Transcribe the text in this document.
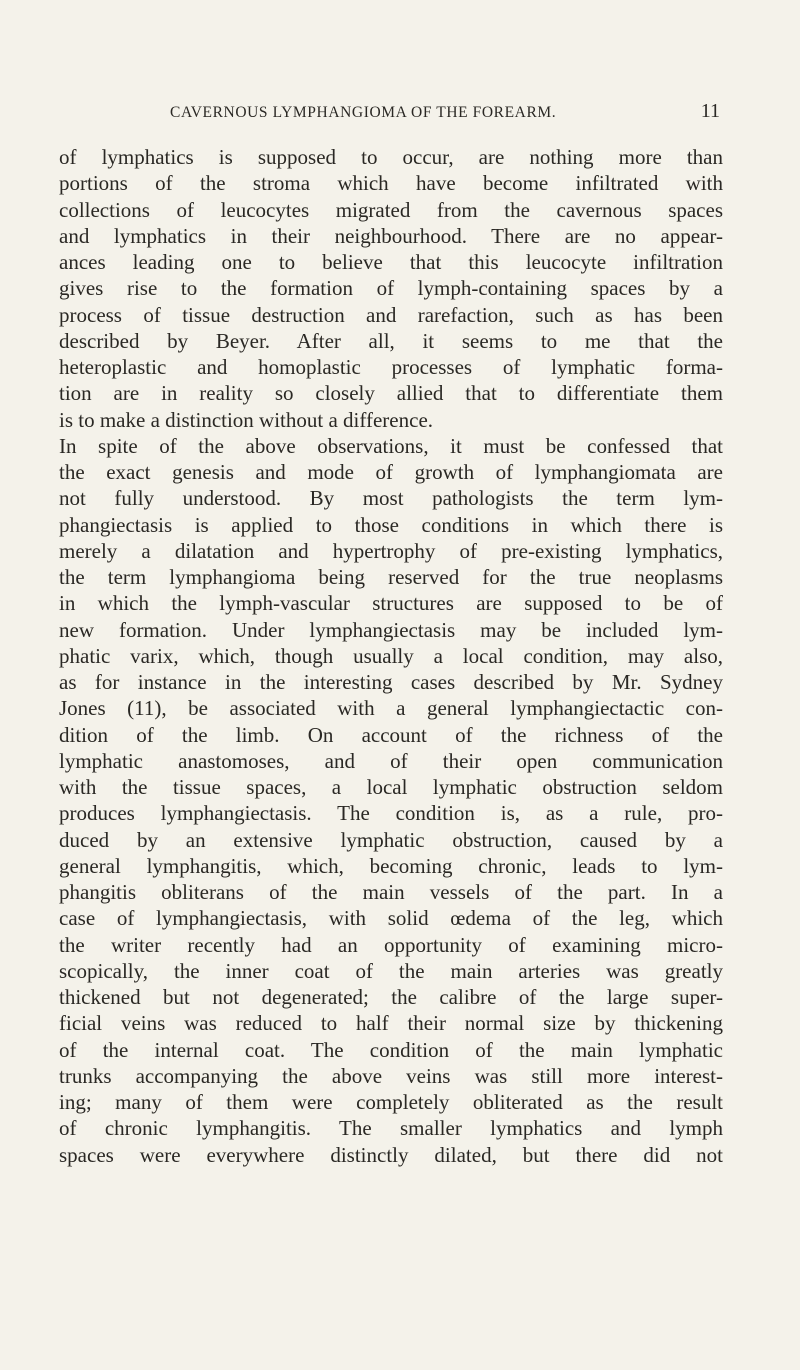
CAVERNOUS LYMPHANGIOMA OF THE FOREARM.	11
of lymphatics is supposed to occur, are nothing more than
portions of the stroma which have become infiltrated with
collections of leucocytes migrated from the cavernous spaces
and lymphatics in their neighbourhood. There are no appear-
ances leading one to believe that this leucocyte infiltration
gives rise to the formation of lymph-containing spaces by a
process of tissue destruction and rarefaction, such as has been
described by Beyer. After all, it seems to me that the
heteroplastic and homoplastic processes of lymphatic forma-
tion are in reality so closely allied that to differentiate them
is to make a distinction without a difference.
In spite of the above observations, it must be confessed that
the exact genesis and mode of growth of lymphangiomata are
not fully understood. By most pathologists the term lym-
phangiectasis is applied to those conditions in which there is
merely a dilatation and hypertrophy of pre-existing lymphatics,
the term lymphangioma being reserved for the true neoplasms
in which the lymph-vascular structures are supposed to be of
new formation. Under lymphangiectasis may be included lym-
phatic varix, which, though usually a local condition, may also,
as for instance in the interesting cases described by Mr. Sydney
Jones (11), be associated with a general lymphangiectactic con-
dition of the limb. On account of the richness of the
lymphatic anastomoses, and of their open communication
with the tissue spaces, a local lymphatic obstruction seldom
produces lymphangiectasis. The condition is, as a rule, pro-
duced by an extensive lymphatic obstruction, caused by a
general lymphangitis, which, becoming chronic, leads to lym-
phangitis obliterans of the main vessels of the part. In a
case of lymphangiectasis, with solid œdema of the leg, which
the writer recently had an opportunity of examining micro-
scopically, the inner coat of the main arteries was greatly
thickened but not degenerated; the calibre of the large super-
ficial veins was reduced to half their normal size by thickening
of the internal coat. The condition of the main lymphatic
trunks accompanying the above veins was still more interest-
ing; many of them were completely obliterated as the result
of chronic lymphangitis. The smaller lymphatics and lymph
spaces were everywhere distinctly dilated, but there did not
